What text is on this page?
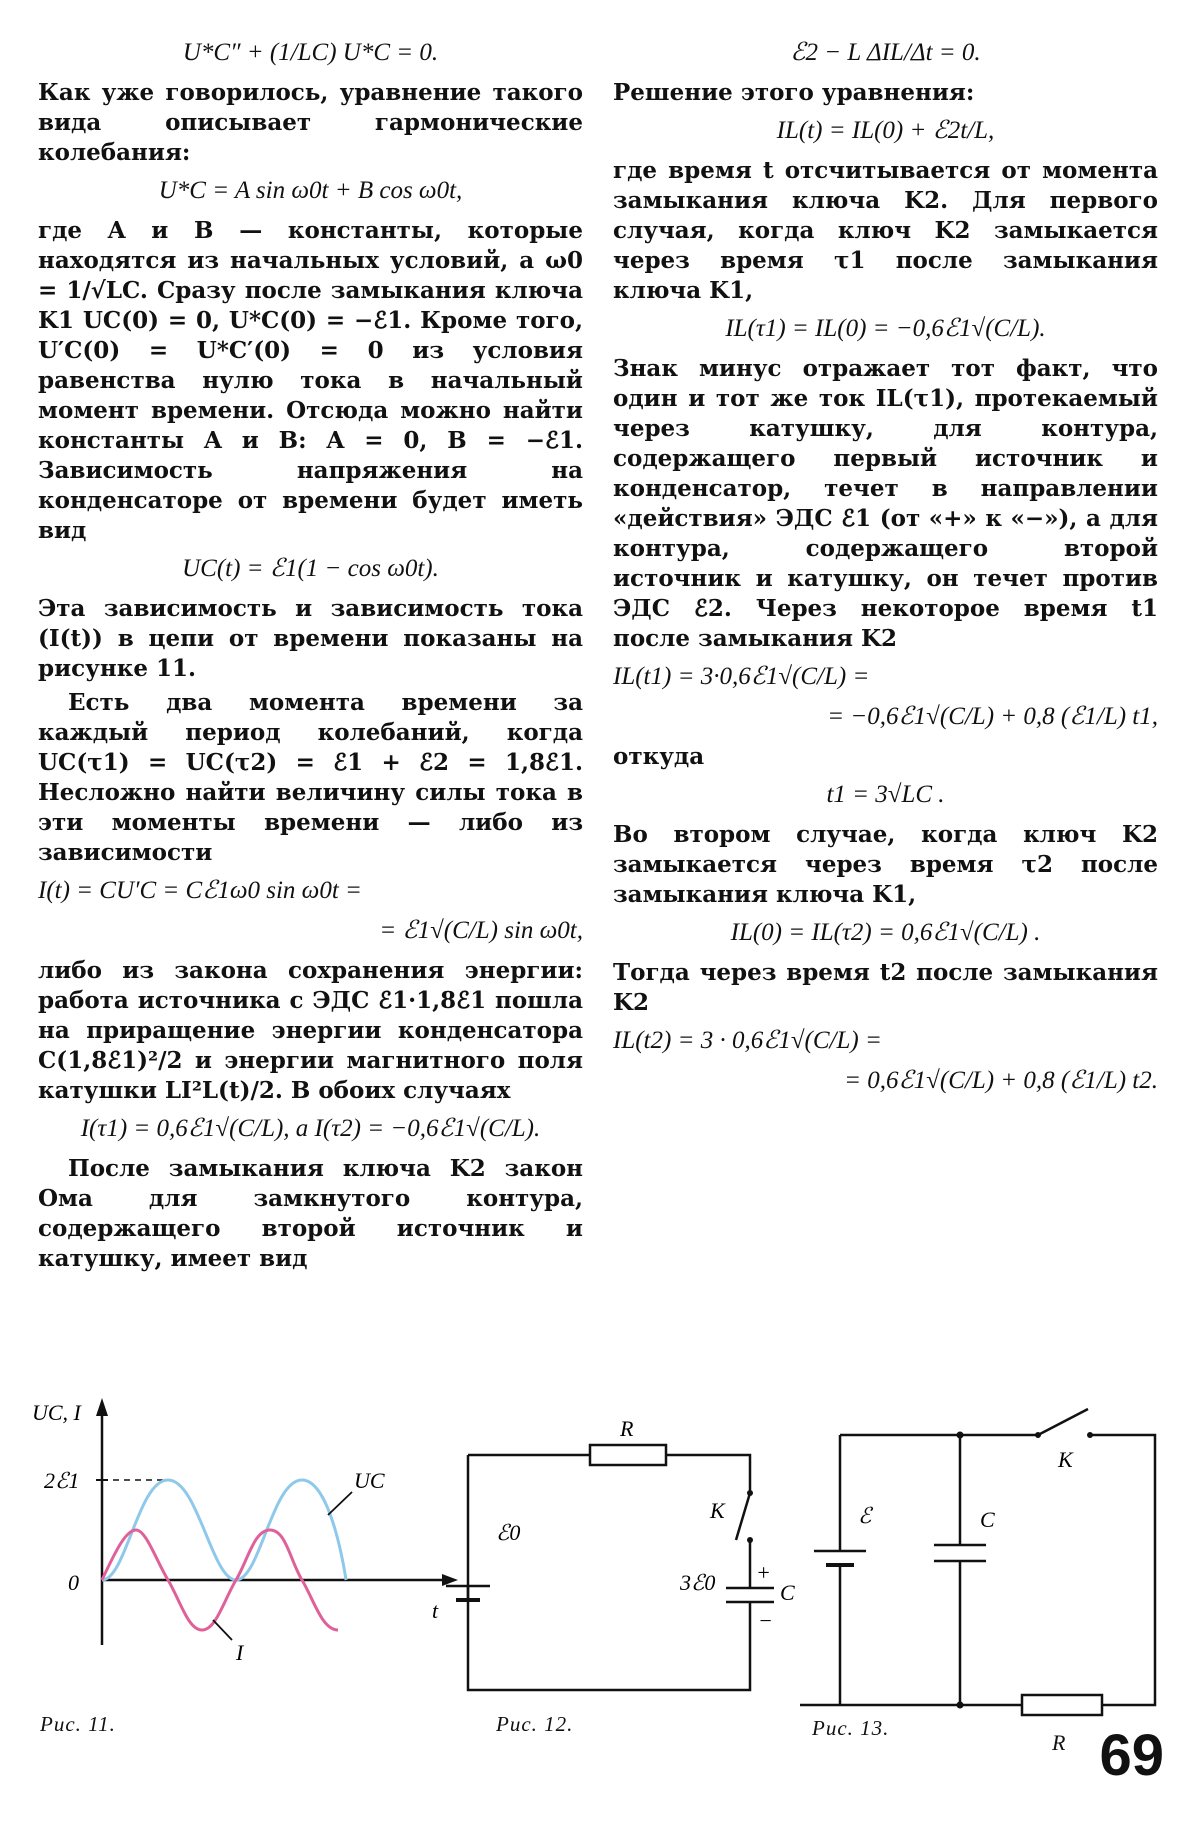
U*C″ + (1/LC) U*C = 0.

Как уже говорилось, уравнение такого вида описывает гармонические колебания:

U*C = A sin ω0t + B cos ω0t,

где A и B — константы, которые находятся из начальных условий, а ω0 = 1/√LC. Сразу после замыкания ключа K1 UC(0) = 0, U*C(0) = −ℰ1. Кроме того, U′C(0) = U*C′(0) = 0 из условия равенства нулю тока в начальный момент времени. Отсюда можно найти константы A и B: A = 0, B = −ℰ1. Зависимость напряжения на конденсаторе от времени будет иметь вид

UC(t) = ℰ1(1 − cos ω0t).

Эта зависимость и зависимость тока (I(t)) в цепи от времени показаны на рисунке 11.

Есть два момента времени за каждый период колебаний, когда UC(τ1) = UC(τ2) = ℰ1 + ℰ2 = 1,8ℰ1. Несложно найти величину силы тока в эти моменты времени — либо из зависимости

I(t) = CU′C = Cℰ1ω0 sin ω0t =
= ℰ1√(C/L) sin ω0t,

либо из закона сохранения энергии: работа источника с ЭДС ℰ1·1,8ℰ1 пошла на приращение энергии конденсатора C(1,8ℰ1)²/2 и энергии магнитного поля катушки LI²L(t)/2. В обоих случаях

I(τ1) = 0,6ℰ1√(C/L), а I(τ2) = −0,6ℰ1√(C/L).

После замыкания ключа K2 закон Ома для замкнутого контура, содержащего второй источник и катушку, имеет вид

ℰ2 − L ΔIL/Δt = 0.

Решение этого уравнения:

IL(t) = IL(0) + ℰ2t/L,

где время t отсчитывается от момента замыкания ключа K2. Для первого случая, когда ключ K2 замыкается через время τ1 после замыкания ключа K1,

IL(τ1) = IL(0) = −0,6ℰ1√(C/L).

Знак минус отражает тот факт, что один и тот же ток IL(τ1), протекаемый через катушку, для контура, содержащего первый источник и конденсатор, течет в направлении «действия» ЭДС ℰ1 (от «+» к «−»), а для контура, содержащего второй источник и катушку, он течет против ЭДС ℰ2. Через некоторое время t1 после замыкания K2

IL(t1) = 3·0,6ℰ1√(C/L) =
= −0,6ℰ1√(C/L) + 0,8 (ℰ1/L) t1,

откуда

t1 = 3√LC .

Во втором случае, когда ключ K2 замыкается через время τ2 после замыкания ключа K1,

IL(0) = IL(τ2) = 0,6ℰ1√(C/L) .

Тогда через время t2 после замыкания K2

IL(t2) = 3 · 0,6ℰ1√(C/L) =
= 0,6ℰ1√(C/L) + 0,8 (ℰ1/L) t2.
UC, I
2ℰ1
0
t
UC
I
Рис. 11.
R
K
ℰ0
3ℰ0 +
−
C
Рис. 12.
K
ℰ	C
R
Рис. 13.	69
